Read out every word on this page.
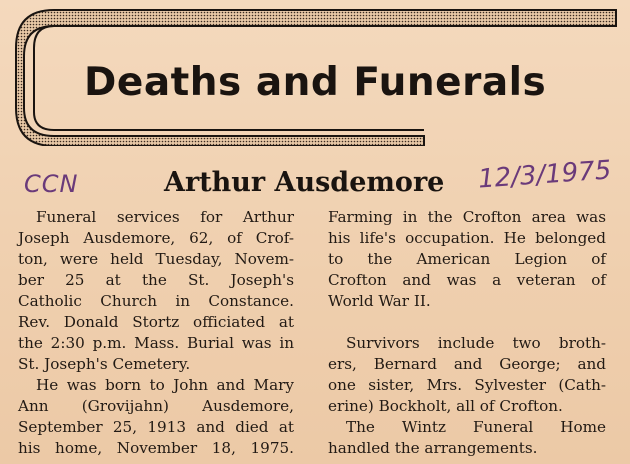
Deaths and Funerals
CCN	Arthur Ausdemore 12/3/1975
Funeral services for Arthur
Joseph Ausdemore, 62, of Crof-
ton, were held Tuesday, Novem-
ber 25 at the St. Joseph's
Catholic Church in Constance.
Rev. Donald Stortz officiated at
the 2:30 p.m. Mass. Burial was in
St. Joseph's Cemetery.
He was born to John and Mary
Ann (Grovijahn) Ausdemore,
September 25, 1913 and died at
his home, November 18, 1975.
Farming in the Crofton area was
his life's occupation. He belonged
to the American Legion of
Crofton and was a veteran of
World War II.
Survivors include two broth-
ers, Bernard and George; and
one sister, Mrs. Sylvester (Cath-
erine) Bockholt, all of Crofton.
The Wintz Funeral Home
handled the arrangements.
